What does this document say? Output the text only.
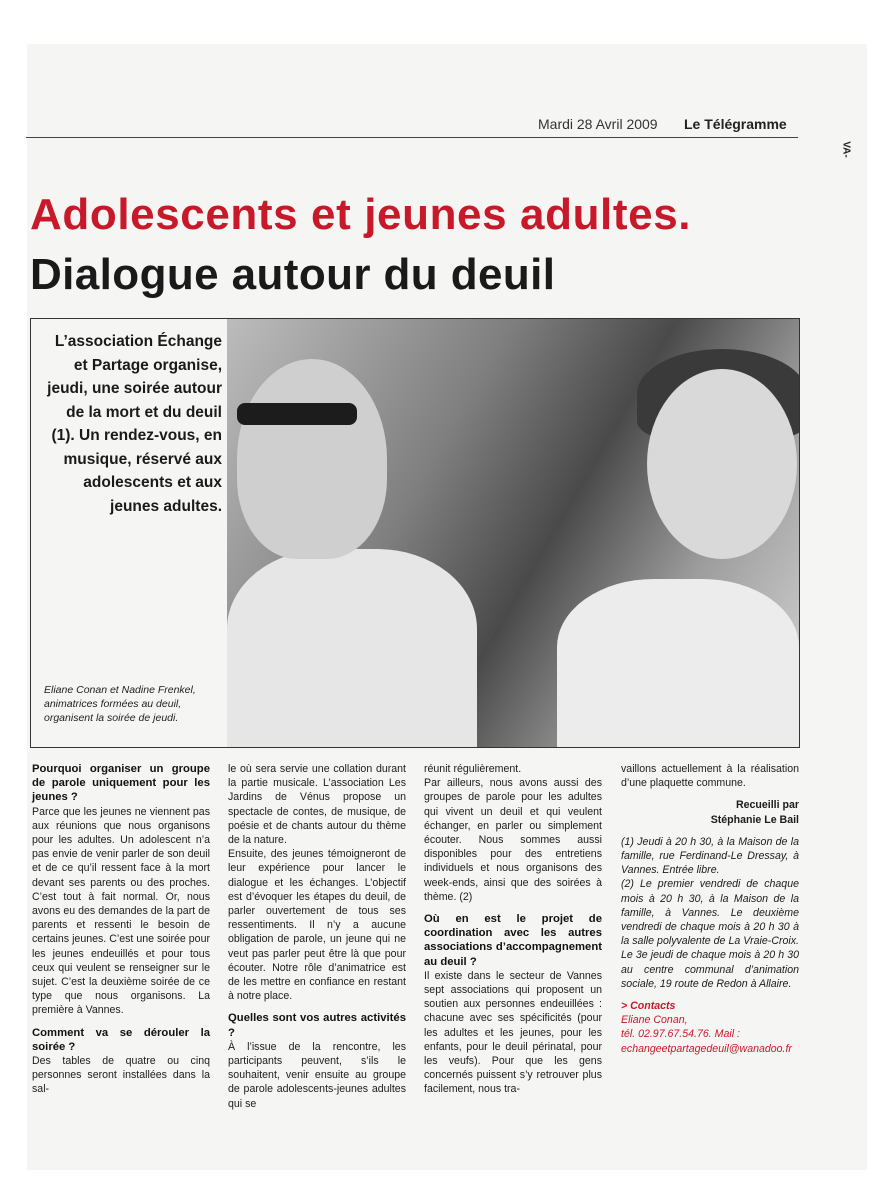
VA-
Mardi 28 Avril 2009 Le Télégramme
Adolescents et jeunes adultes.
Dialogue autour du deuil
L’association Échange et Partage organise, jeudi, une soirée autour de la mort et du deuil (1). Un rendez-vous, en musique, réservé aux adolescents et aux jeunes adultes.
Eliane Conan et Nadine Frenkel, animatrices formées au deuil, organisent la soirée de jeudi.
Pourquoi organiser un groupe de parole uniquement pour les jeunes ?

Parce que les jeunes ne viennent pas aux réunions que nous organisons pour les adultes. Un adolescent n’a pas envie de venir parler de son deuil et de ce qu’il ressent face à la mort devant ses parents ou des proches. C’est tout à fait normal. Or, nous avons eu des demandes de la part de parents et ressenti le besoin de certains jeunes. C’est une soirée pour les jeunes endeuillés et pour tous ceux qui veulent se renseigner sur le sujet. C’est la deuxième soirée de ce type que nous organisons. La première à Vannes.

Comment va se dérouler la soirée ?

Des tables de quatre ou cinq personnes seront installées dans la sal-

le où sera servie une collation durant la partie musicale. L’association Les Jardins de Vénus propose un spectacle de contes, de musique, de poésie et de chants autour du thème de la nature.

Ensuite, des jeunes témoigneront de leur expérience pour lancer le dialogue et les échanges. L’objectif est d’évoquer les étapes du deuil, de parler ouvertement de tous ses ressentiments. Il n’y a aucune obligation de parole, un jeune qui ne veut pas parler peut être là que pour écouter. Notre rôle d’animatrice est de les mettre en confiance en restant à notre place.

Quelles sont vos autres activités ?

À l’issue de la rencontre, les participants peuvent, s’ils le souhaitent, venir ensuite au groupe de parole adolescents-jeunes adultes qui se

réunit régulièrement.

Par ailleurs, nous avons aussi des groupes de parole pour les adultes qui vivent un deuil et qui veulent échanger, en parler ou simplement écouter. Nous sommes aussi disponibles pour des entretiens individuels et nous organisons des week-ends, ainsi que des soirées à thème. (2)

Où en est le projet de coordination avec les autres associations d’accompagnement au deuil ?

Il existe dans le secteur de Vannes sept associations qui proposent un soutien aux personnes endeuillées : chacune avec ses spécificités (pour les adultes et les jeunes, pour les enfants, pour le deuil périnatal, pour les veufs). Pour que les gens concernés puissent s’y retrouver plus facilement, nous tra-

vaillons actuellement à la réalisation d’une plaquette commune.

Recueilli par

Stéphanie Le Bail

(1) Jeudi à 20 h 30, à la Maison de la famille, rue Ferdinand-Le Dressay, à Vannes. Entrée libre.

(2) Le premier vendredi de chaque mois à 20 h 30, à la Maison de la famille, à Vannes. Le deuxième vendredi de chaque mois à 20 h 30 à la salle polyvalente de La Vraie-Croix. Le 3e jeudi de chaque mois à 20 h 30 au centre communal d’animation sociale, 19 route de Redon à Allaire.

> Contacts

Eliane Conan,

tél. 02.97.67.54.76. Mail :

echangeetpartagedeuil@wanadoo.fr
